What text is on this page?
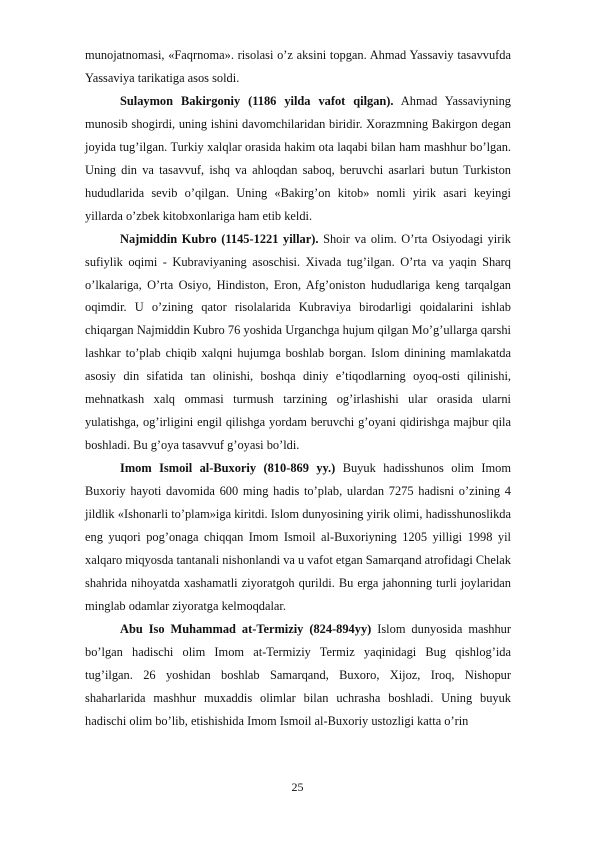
munojatnomasi, «Faqrnoma». risolasi o’z aksini topgan. Ahmad Yassaviy tasavvufda Yassaviya tarikatiga asos soldi.

Sulaymon Bakirgoniy (1186 yilda vafot qilgan). Ahmad Yassaviyning munosib shogirdi, uning ishini davomchilaridan biridir. Xorazmning Bakirgon degan joyida tug’ilgan. Turkiy xalqlar orasida hakim ota laqabi bilan ham mashhur bo’lgan. Uning din va tasavvuf, ishq va ahloqdan saboq, beruvchi asarlari butun Turkiston hududlarida sevib o’qilgan. Uning «Bakirg’on kitob» nomli yirik asari keyingi yillarda o’zbek kitobxonlariga ham etib keldi.

Najmiddin Kubro (1145-1221 yillar). Shoir va olim. O’rta Osiyodagi yirik sufiylik oqimi - Kubraviyaning asoschisi. Xivada tug’ilgan. O’rta va yaqin Sharq o’lkalariga, O’rta Osiyo, Hindiston, Eron, Afg’oniston hududlariga keng tarqalgan oqimdir. U o’zining qator risolalarida Kubraviya birodarligi qoidalarini ishlab chiqargan Najmiddin Kubro 76 yoshida Urganchga hujum qilgan Mo’g’ullarga qarshi lashkar to’plab chiqib xalqni hujumga boshlab borgan. Islom dinining mamlakatda asosiy din sifatida tan olinishi, boshqa diniy e’tiqodlarning oyoq-osti qilinishi, mehnatkash xalq ommasi turmush tarzining og’irlashishi ular orasida ularni yulatishga, og’irligini engil qilishga yordam beruvchi g’oyani qidirishga majbur qila boshladi. Bu g’oya tasavvuf g’oyasi bo’ldi.

Imom Ismoil al-Buxoriy (810-869 yy.) Buyuk hadisshunos olim Imom Buxoriy hayoti davomida 600 ming hadis to’plab, ulardan 7275 hadisni o’zining 4 jildlik «Ishonarli to’plam»iga kiritdi. Islom dunyosining yirik olimi, hadisshunoslikda eng yuqori pog’onaga chiqqan Imom Ismoil al-Buxoriyning 1205 yilligi 1998 yil xalqaro miqyosda tantanali nishonlandi va u vafot etgan Samarqand atrofidagi Chelak shahrida nihoyatda xashamatli ziyoratgoh qurildi. Bu erga jahonning turli joylaridan minglab odamlar ziyoratga kelmoqdalar.

Abu Iso Muhammad at-Termiziy (824-894yy) Islom dunyosida mashhur bo’lgan hadischi olim Imom at-Termiziy Termiz yaqinidagi Bug qishlog’ida tug’ilgan. 26 yoshidan boshlab Samarqand, Buxoro, Xijoz, Iroq, Nishopur shaharlarida mashhur muxaddis olimlar bilan uchrasha boshladi. Uning buyuk hadischi olim bo’lib, etishishida Imom Ismoil al-Buxoriy ustozligi katta o’rin

25
